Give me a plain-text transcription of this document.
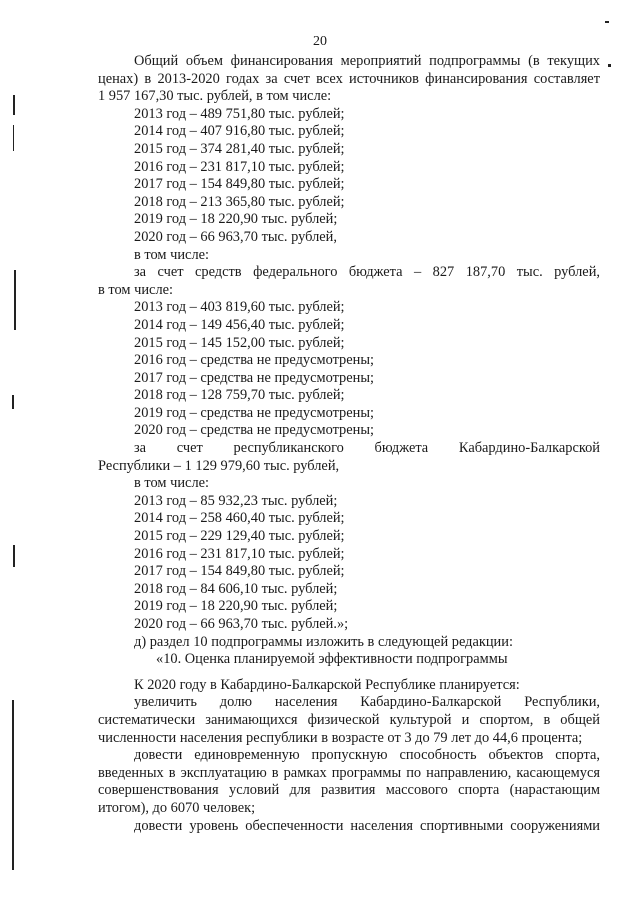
20

Общий объем финансирования мероприятий подпрограммы (в текущих

ценах) в 2013-2020 годах за счет всех источников финансирования составляет

1 957 167,30 тыс. рублей, в том числе:

2013 год – 489 751,80 тыс. рублей;

2014 год – 407 916,80 тыс. рублей;

2015 год – 374 281,40 тыс. рублей;

2016 год – 231 817,10 тыс. рублей;

2017 год – 154 849,80 тыс. рублей;

2018 год – 213 365,80 тыс. рублей;

2019 год – 18 220,90 тыс. рублей;

2020 год – 66 963,70 тыс. рублей,

в том числе:

за счет средств федерального бюджета – 827 187,70 тыс. рублей,

в том числе:

2013 год – 403 819,60 тыс. рублей;

2014 год – 149 456,40 тыс. рублей;

2015 год – 145 152,00 тыс. рублей;

2016 год – средства не предусмотрены;

2017 год – средства не предусмотрены;

2018 год – 128 759,70 тыс. рублей;

2019 год – средства не предусмотрены;

2020 год – средства не предусмотрены;

за счет республиканского бюджета Кабардино-Балкарской

Республики – 1 129 979,60 тыс. рублей,

в том числе:

2013 год – 85 932,23 тыс. рублей;

2014 год – 258 460,40 тыс. рублей;

2015 год – 229 129,40 тыс. рублей;

2016 год – 231 817,10 тыс. рублей;

2017 год – 154 849,80 тыс. рублей;

2018 год – 84 606,10 тыс. рублей;

2019 год – 18 220,90 тыс. рублей;

2020 год – 66 963,70 тыс. рублей.»;

д) раздел 10 подпрограммы изложить в следующей редакции:

«10. Оценка планируемой эффективности подпрограммы

К 2020 году в Кабардино-Балкарской Республике планируется:

увеличить долю населения Кабардино-Балкарской Республики, систематически занимающихся физической культурой и спортом, в общей численности населения республики в возрасте от 3 до 79 лет до 44,6 процента;

довести единовременную пропускную способность объектов спорта, введенных в эксплуатацию в рамках программы по направлению, касающемуся совершенствования условий для развития массового спорта (нарастающим итогом), до 6070 человек;

довести уровень обеспеченности населения спортивными сооружениями
